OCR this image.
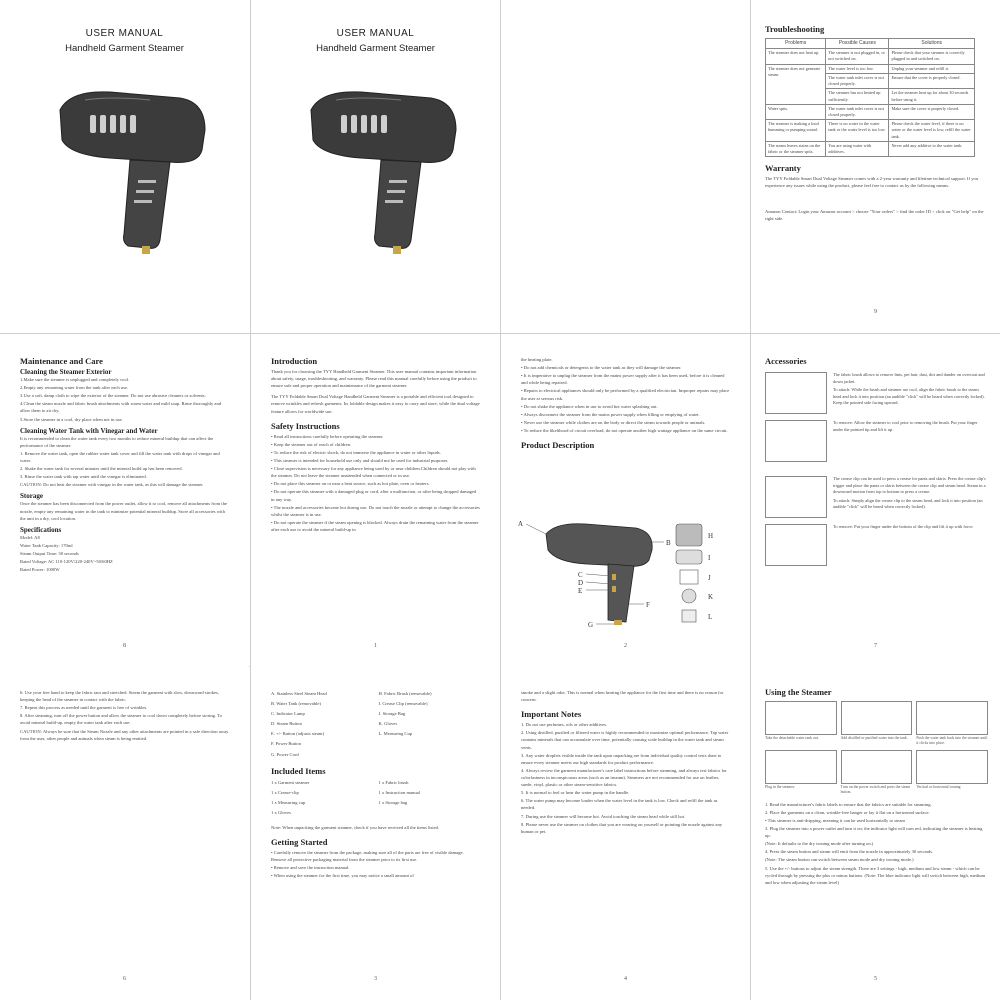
USER MANUAL
Handheld Garment Steamer
USER MANUAL
Handheld Garment Steamer
Troubleshooting
Problems	Possible Causes	Solutions
The steamer does not heat up.	The steamer is not plugged in, or not switched on.	Please check that your steamer is correctly plugged in and switched on.
The steamer does not generate steam.	The water level is too low.	Unplug your steamer and refill it.
	The water tank inlet cover is not closed properly.	Ensure that the cover is properly closed.
	The steamer has not heated up sufficiently.	Let the steamer heat up for about 30 seconds before using it.
Water spits.	The water tank inlet cover is not closed properly.	Make sure the cover is properly closed.
The steamer is making a loud humming or pumping sound.	There is no water in the water tank or the water level is too low.	Please check the water level, if there is no water or the water level is low, refill the water tank.
The steam leaves stains on the fabric or the steamer spits.	You are using water with additives.	Never add any additive to the water tank.
Warranty
The TYY Foldable Smart Dual Voltage Steamer comes with a 2-year warranty and lifetime technical support. If you experience any issues while using the product, please feel free to contact us by the following means.
Amazon Contact: Login your Amazon account > choose "Your orders" > find the order ID > click on "Get help" on the right side.
9
Maintenance and Care
Cleaning the Steamer Exterior

1.Make sure the steamer is unplugged and completely cool.

2.Empty any remaining water from the tank after each use.

3.Use a soft, damp cloth to wipe the exterior of the steamer. Do not use abrasive cleaners or solvents.

4.Clean the steam nozzle and fabric brush attachments with warm water and mild soap. Rinse thoroughly and allow them to air dry.

5.Store the steamer in a cool, dry place when not in use.

Cleaning Water Tank with Vinegar and Water

It is recommended to clean the water tank every two months to reduce mineral buildup that can affect the performance of the steamer.

1. Remove the water tank, open the rubber water tank cover and fill the water tank with drops of vinegar and water.

2. Shake the water tank for several minutes until the mineral build up has been removed.

3. Rinse the water tank with tap water until the vinegar is eliminated.

CAUTION: Do not heat the steamer with vinegar in the water tank, as this will damage the steamer.

Storage
Once the steamer has been disconnected from the power outlet, allow it to cool, remove all attachments from the nozzle, empty any remaining water in the tank to minimize potential mineral buildup. Store all accessories with the unit in a dry, cool location.
Specifications

Model: A8

Water Tank Capacity: 170ml

Steam Output Time: 30 seconds

Rated Voltage: AC 110-120V/220-240V~50/60HZ

Rated Power: 1000W

8
Introduction
Thank you for choosing the TYY Handheld Garment Steamer. This user manual contains important information about safety, usage, troubleshooting, and warranty. Please read this manual carefully before using the product to ensure safe and proper operation and maintenance of the garment steamer.
The TYY Foldable Smart Dual Voltage Handheld Garment Steamer is a portable and efficient tool designed to remove wrinkles and refresh garments. Its foldable design makes it easy to carry and store, while the dual voltage feature allows for worldwide use.
Safety Instructions

• Read all instructions carefully before operating the steamer.

• Keep the steamer out of reach of children.

• To reduce the risk of electric shock, do not immerse the appliance in water or other liquids.

• This steamer is intended for household use only and should not be used for industrial purposes.

• Close supervision is necessary for any appliance being used by or near children.Children should not play with the steamer. Do not leave the steamer unattended when connected or in use.

• Do not place this steamer on or near a heat source, such as hot plate, oven or heaters.

• Do not operate this steamer with a damaged plug or cord, after a malfunction, or after being dropped damaged in any way.

• The nozzle and accessories become hot during use. Do not touch the nozzle or attempt to change the accessories whilst the steamer is in use.

• Do not operate the steamer if the steam opening is blocked. Always drain the remaining water from the steamer after each use to avoid the mineral build-up in

1

the heating plate.

• Do not add chemicals or detergents to the water tank as they will damage the steamer.

• It is imperative to unplug the steamer from the mains power supply after it has been used, before it is cleaned and while being repaired.

• Repairs to electrical appliances should only be performed by a qualified electrician. Improper repairs may place the user at serious risk.

• Do not shake the appliance when in use to avoid hot water splashing out.

• Always disconnect the steamer from the mains power supply when filling or emptying of water.

• Never use the steamer while clothes are on the body or direct the steam towards people or animals.

• To reduce the likelihood of circuit overload, do not operate another high wattage appliance on the same circuit.

Product Description
A
B
C
D
E
F
G
H
I
J
K
L
2
Accessories

The fabric brush allows to remove lints, pet hair, dust, dirt and dander on overcoat and down jacket.

To attach: While the brush and steamer are cool, align the fabric brush to the steam head and lock it into position (an audible "click" will be heard when correctly locked). Keep the pointed side facing upward.

To remove: Allow the steamer to cool prior to removing the brush. Put your finger under the pointed tip and lift it up.

The crease clip can be used to press a crease for pants and skirts. Press the crease clip's trigger and place the pants or skirts between the crease clip and steam head. Steam in a downward motion from top to bottom to press a crease.

To attach: Simply align the crease clip to the steam head, and lock it into position (an audible "click" will be heard when correctly locked).

To remove: Put your finger under the bottom of the clip and lift it up with force.

7

6. Use your free hand to keep the fabric taut and stretched. Steam the garment with slow, downward strokes, keeping the head of the steamer in contact with the fabric.

7. Repeat this process as needed until the garment is free of wrinkles.

8. After steaming, turn off the power button and allow the steamer to cool down completely before storing. To avoid mineral build-up, empty the water tank after each use.

CAUTION: Always be sure that the Steam Nozzle and any other attachments are pointed in a safe direction away from the user, other people and animals when steam is being emitted.

6
A. Stainless Steel Steam Head
B. Water Tank (removable)
C. Indicator Lamp
D. Steam Button
E. +/- Button (adjusts steam)
F. Power Button
G. Power Cord
H. Fabric Brush (removable)
I. Crease Clip (removable)
J. Storage Bag
K. Gloves
L. Measuring Cup
Included Items
1 x Garment steamer
1 x Crease-clip
1 x Measuring cup
1 x Gloves
1 x Fabric brush
1 x Instruction manual
1 x Storage bag
Note: When unpacking the garment steamer, check if you have received all the items listed.
Getting Started

• Carefully remove the steamer from the package, making sure all of the parts are free of visible damage. Remove all protective packaging material from the steamer prior to its first use.

• Remove and save the instruction manual.

• When using the steamer for the first time, you may notice a small amount of

3
smoke and a slight odor. This is normal when heating the appliance for the first time and there is no reason for concern.
Important Notes

1. Do not use perfumes, oils or other additives.

2. Using distilled, purified or filtered water is highly recommended to maximize optimal performance. Tap water contains minerals that can accumulate over time, potentially causing scale buildup in the water tank and steam vents.

3. Any water droplets visible inside the tank upon unpacking are from individual quality control tests done to ensure every steamer meets our high standards for product performance.

4. Always review the garment manufacturer's care label instructions before steaming, and always test fabrics for colorfastness in inconspicuous areas (such as an inseam). Steamers are not recommended for use on leather, suede, vinyl, plastic or other steam-sensitive fabrics.

5. It is normal to feel or hear the water pump in the handle.

6. The water pump may become louder when the water level in the tank is low. Check and refill the tank as needed.

7. During use the steamer will become hot. Avoid touching the steam head while still hot.

8. Please never use the steamer on clothes that you are wearing on yourself or pointing the nozzle against any human or pet.

4
Using the Steamer
Take the detachable water tank out.	Add distilled or purified water into the tank.	Push the water tank back into the steamer until it clicks into place.
Plug in the steamer.	Turn on the power switch and press the steam button.
Vertical or horizontal ironing

1. Read the manufacturer's fabric labels to ensure that the fabrics are suitable for steaming.

2. Place the garments on a clean, wrinkle-free hanger or lay it flat on a horizontal surface.

• This steamer is anti-dripping, meaning it can be used horizontally to steam

3. Plug the steamer into a power outlet and turn it on; the indicator light will turn red, indicating the steamer is heating up.

(Note: It defaults to the dry ironing mode after turning on.)

4. Press the steam button and steam will emit from the nozzle in approximately 30 seconds.

(Note: The steam button can switch between steam mode and dry ironing mode.)

5. Use the +/- buttons to adjust the steam strength. There are 3 settings - high, medium and low steam - which can be cycled through by pressing the plus or minus buttons. (Note: The blue indicator light will switch between high, medium and low when adjusting the steam level)

5
